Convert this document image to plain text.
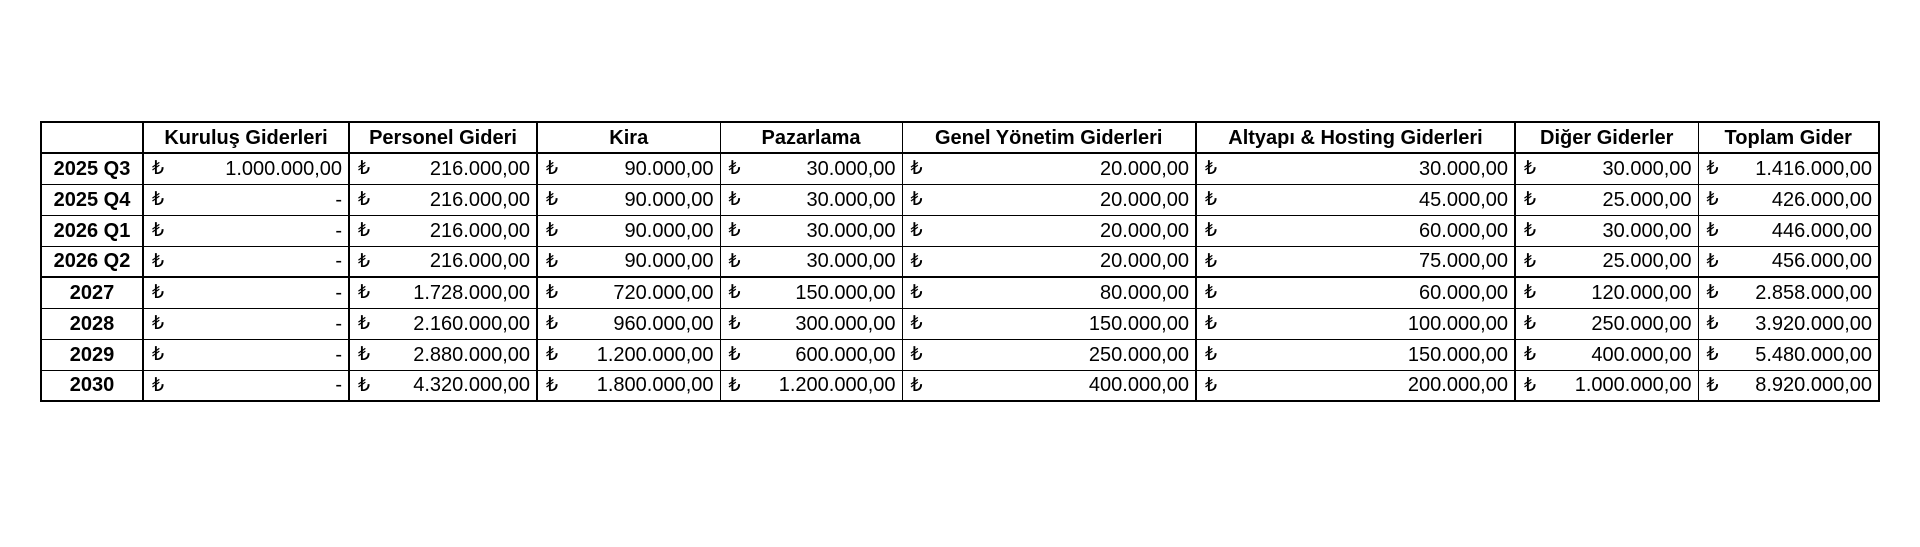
	Kuruluş Giderleri	Personel Gideri	Kira	Pazarlama	Genel Yönetim Giderleri	Altyapı & Hosting Giderleri	Diğer Giderler	Toplam Gider
2025 Q3	₺ 1.000.000,00	₺ 216.000,00	₺ 90.000,00	₺ 30.000,00	₺ 20.000,00	₺ 30.000,00	₺ 30.000,00	₺ 1.416.000,00

2025 Q4	₺ -	₺ 216.000,00	₺ 90.000,00	₺ 30.000,00	₺ 20.000,00	₺ 45.000,00	₺ 25.000,00	₺ 426.000,00

2026 Q1	₺ -	₺ 216.000,00	₺ 90.000,00	₺ 30.000,00	₺ 20.000,00	₺ 60.000,00	₺ 30.000,00	₺ 446.000,00

2026 Q2	₺ -	₺ 216.000,00	₺ 90.000,00	₺ 30.000,00	₺ 20.000,00	₺ 75.000,00	₺ 25.000,00	₺ 456.000,00

2027	₺ -	₺ 1.728.000,00	₺ 720.000,00	₺ 150.000,00	₺ 80.000,00	₺ 60.000,00	₺ 120.000,00	₺ 2.858.000,00

2028	₺ -	₺ 2.160.000,00	₺ 960.000,00	₺ 300.000,00	₺ 150.000,00	₺ 100.000,00	₺ 250.000,00	₺ 3.920.000,00

2029	₺ -	₺ 2.880.000,00	₺ 1.200.000,00	₺ 600.000,00	₺ 250.000,00	₺ 150.000,00	₺ 400.000,00	₺ 5.480.000,00

2030	₺ -	₺ 4.320.000,00	₺ 1.800.000,00	₺ 1.200.000,00	₺ 400.000,00	₺ 200.000,00	₺ 1.000.000,00	₺ 8.920.000,00
